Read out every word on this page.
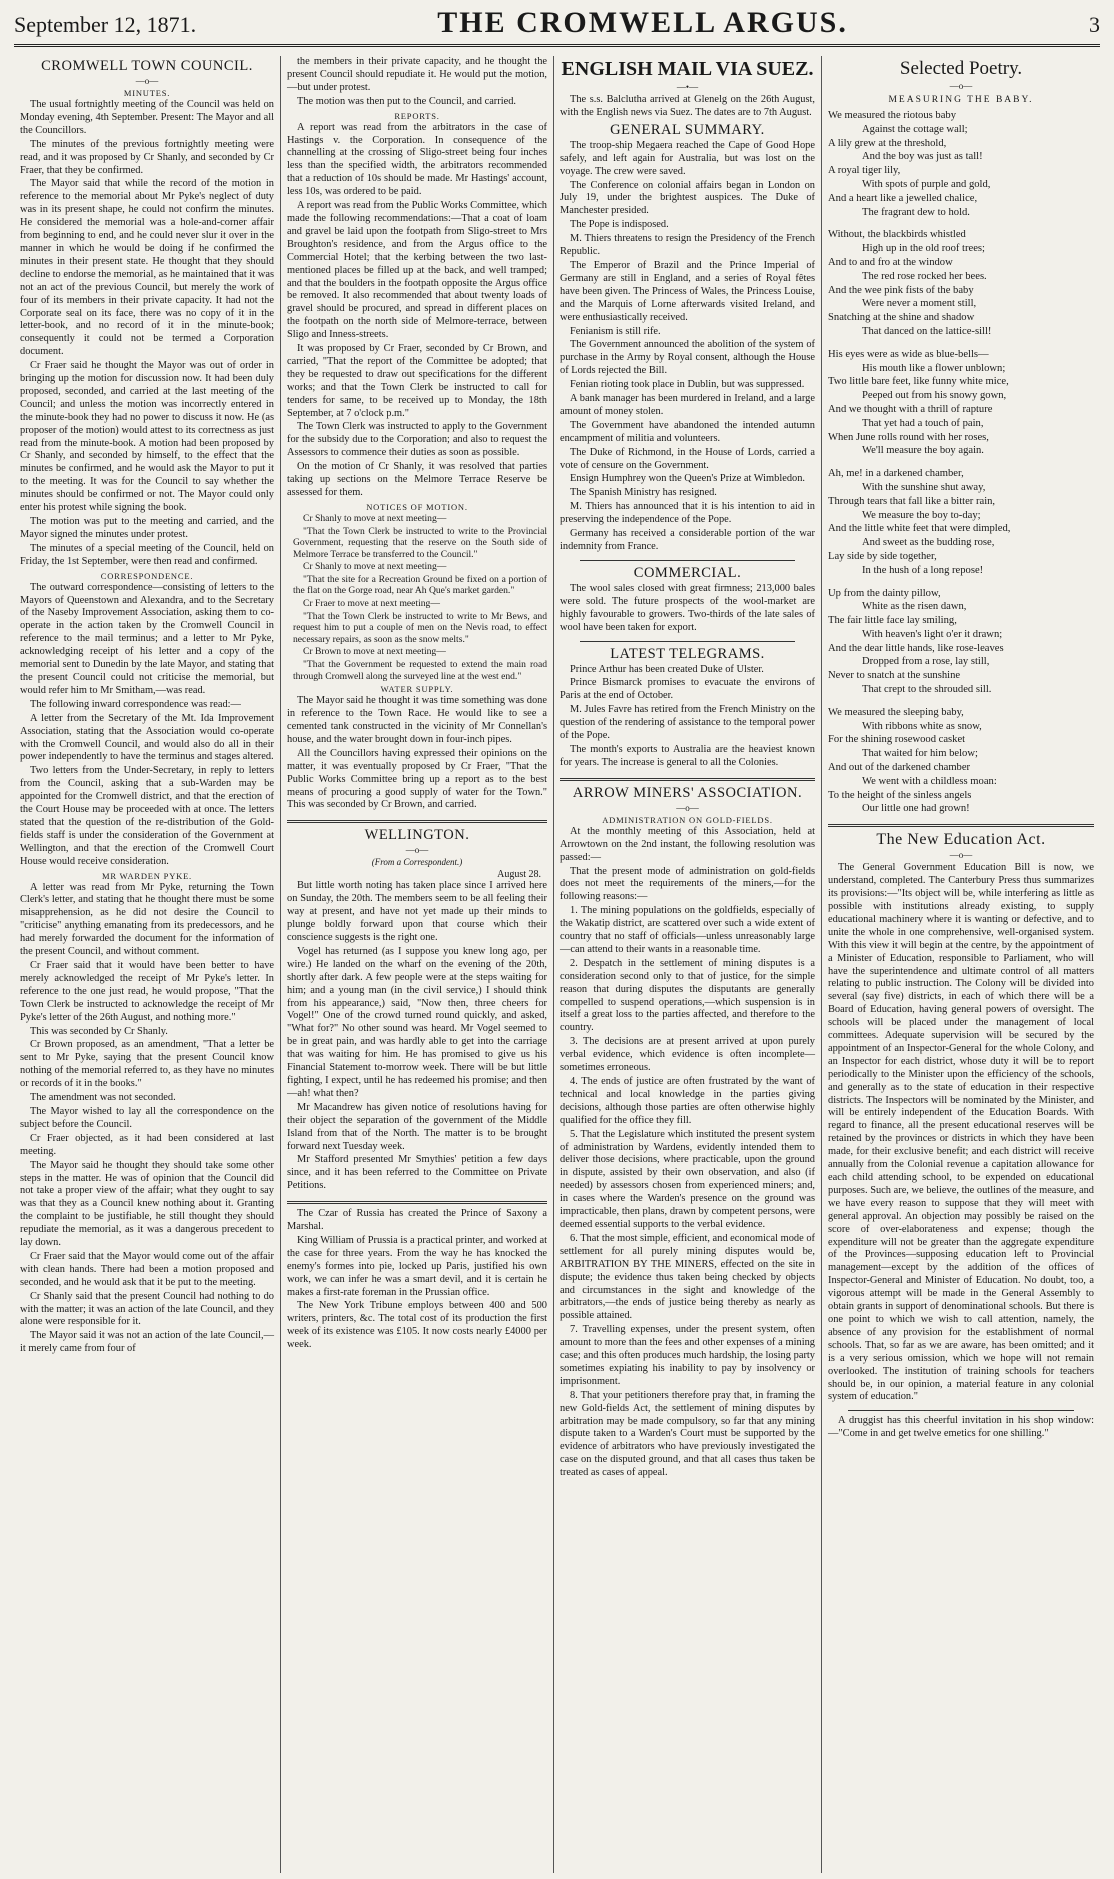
September 12, 1871.	THE CROMWELL ARGUS.	3
CROMWELL TOWN COUNCIL.
—o—
MINUTES.

The usual fortnightly meeting of the Council was held on Monday evening, 4th September. Present: The Mayor and all the Councillors.

The minutes of the previous fortnightly meeting were read, and it was proposed by Cr Shanly, and seconded by Cr Fraer, that they be confirmed.

The Mayor said that while the record of the motion in reference to the memorial about Mr Pyke's neglect of duty was in its present shape, he could not confirm the minutes. He considered the memorial was a hole-and-corner affair from beginning to end, and he could never slur it over in the manner in which he would be doing if he confirmed the minutes in their present state. He thought that they should decline to endorse the memorial, as he maintained that it was not an act of the previous Council, but merely the work of four of its members in their private capacity. It had not the Corporate seal on its face, there was no copy of it in the letter-book, and no record of it in the minute-book; consequently it could not be termed a Corporation document.

Cr Fraer said he thought the Mayor was out of order in bringing up the motion for discussion now. It had been duly proposed, seconded, and carried at the last meeting of the Council; and unless the motion was incorrectly entered in the minute-book they had no power to discuss it now. He (as proposer of the motion) would attest to its correctness as just read from the minute-book. A motion had been proposed by Cr Shanly, and seconded by himself, to the effect that the minutes be confirmed, and he would ask the Mayor to put it to the meeting. It was for the Council to say whether the minutes should be confirmed or not. The Mayor could only enter his protest while signing the book.

The motion was put to the meeting and carried, and the Mayor signed the minutes under protest.

The minutes of a special meeting of the Council, held on Friday, the 1st September, were then read and confirmed.

CORRESPONDENCE.

The outward correspondence—consisting of letters to the Mayors of Queenstown and Alexandra, and to the Secretary of the Naseby Improvement Association, asking them to co-operate in the action taken by the Cromwell Council in reference to the mail terminus; and a letter to Mr Pyke, acknowledging receipt of his letter and a copy of the memorial sent to Dunedin by the late Mayor, and stating that the present Council could not criticise the memorial, but would refer him to Mr Smitham,—was read.

The following inward correspondence was read:—

A letter from the Secretary of the Mt. Ida Improvement Association, stating that the Association would co-operate with the Cromwell Council, and would also do all in their power independently to have the terminus and stages altered.

Two letters from the Under-Secretary, in reply to letters from the Council, asking that a sub-Warden may be appointed for the Cromwell district, and that the erection of the Court House may be proceeded with at once. The letters stated that the question of the re-distribution of the Gold-fields staff is under the consideration of the Government at Wellington, and that the erection of the Cromwell Court House would receive consideration.

MR WARDEN PYKE.

A letter was read from Mr Pyke, returning the Town Clerk's letter, and stating that he thought there must be some misapprehension, as he did not desire the Council to "criticise" anything emanating from its predecessors, and he had merely forwarded the document for the information of the present Council, and without comment.

Cr Fraer said that it would have been better to have merely acknowledged the receipt of Mr Pyke's letter. In reference to the one just read, he would propose, "That the Town Clerk be instructed to acknowledge the receipt of Mr Pyke's letter of the 26th August, and nothing more."

This was seconded by Cr Shanly.

Cr Brown proposed, as an amendment, "That a letter be sent to Mr Pyke, saying that the present Council know nothing of the memorial referred to, as they have no minutes or records of it in the books."

The amendment was not seconded.

The Mayor wished to lay all the correspondence on the subject before the Council.

Cr Fraer objected, as it had been considered at last meeting.

The Mayor said he thought they should take some other steps in the matter. He was of opinion that the Council did not take a proper view of the affair; what they ought to say was that they as a Council knew nothing about it. Granting the complaint to be justifiable, he still thought they should repudiate the memorial, as it was a dangerous precedent to lay down.

Cr Fraer said that the Mayor would come out of the affair with clean hands. There had been a motion proposed and seconded, and he would ask that it be put to the meeting.

Cr Shanly said that the present Council had nothing to do with the matter; it was an action of the late Council, and they alone were responsible for it.

The Mayor said it was not an action of the late Council,—it merely came from four of

the members in their private capacity, and he thought the present Council should repudiate it. He would put the motion,—but under protest.

The motion was then put to the Council, and carried.

REPORTS.

A report was read from the arbitrators in the case of Hastings v. the Corporation. In consequence of the channelling at the crossing of Sligo-street being four inches less than the specified width, the arbitrators recommended that a reduction of 10s should be made. Mr Hastings' account, less 10s, was ordered to be paid.

A report was read from the Public Works Committee, which made the following recommendations:—That a coat of loam and gravel be laid upon the footpath from Sligo-street to Mrs Broughton's residence, and from the Argus office to the Commercial Hotel; that the kerbing between the two last-mentioned places be filled up at the back, and well tramped; and that the boulders in the footpath opposite the Argus office be removed. It also recommended that about twenty loads of gravel should be procured, and spread in different places on the footpath on the north side of Melmore-terrace, between Sligo and Inness-streets.

It was proposed by Cr Fraer, seconded by Cr Brown, and carried, "That the report of the Committee be adopted; that they be requested to draw out specifications for the different works; and that the Town Clerk be instructed to call for tenders for same, to be received up to Monday, the 18th September, at 7 o'clock p.m."

The Town Clerk was instructed to apply to the Government for the subsidy due to the Corporation; and also to request the Assessors to commence their duties as soon as possible.

On the motion of Cr Shanly, it was resolved that parties taking up sections on the Melmore Terrace Reserve be assessed for them.

NOTICES OF MOTION.

Cr Shanly to move at next meeting—

"That the Town Clerk be instructed to write to the Provincial Government, requesting that the reserve on the South side of Melmore Terrace be transferred to the Council."

Cr Shanly to move at next meeting—

"That the site for a Recreation Ground be fixed on a portion of the flat on the Gorge road, near Ah Que's market garden."

Cr Fraer to move at next meeting—

"That the Town Clerk be instructed to write to Mr Bews, and request him to put a couple of men on the Nevis road, to effect necessary repairs, as soon as the snow melts."

Cr Brown to move at next meeting—

"That the Government be requested to extend the main road through Cromwell along the surveyed line at the west end."

WATER SUPPLY.

The Mayor said he thought it was time something was done in reference to the Town Race. He would like to see a cemented tank constructed in the vicinity of Mr Connellan's house, and the water brought down in four-inch pipes.

All the Councillors having expressed their opinions on the matter, it was eventually proposed by Cr Fraer, "That the Public Works Committee bring up a report as to the best means of procuring a good supply of water for the Town." This was seconded by Cr Brown, and carried.

WELLINGTON.
—o—
(From a Correspondent.)
August 28.

But little worth noting has taken place since I arrived here on Sunday, the 20th. The members seem to be all feeling their way at present, and have not yet made up their minds to plunge boldly forward upon that course which their conscience suggests is the right one.

Vogel has returned (as I suppose you knew long ago, per wire.) He landed on the wharf on the evening of the 20th, shortly after dark. A few people were at the steps waiting for him; and a young man (in the civil service,) I should think from his appearance,) said, "Now then, three cheers for Vogel!" One of the crowd turned round quickly, and asked, "What for?" No other sound was heard. Mr Vogel seemed to be in great pain, and was hardly able to get into the carriage that was waiting for him. He has promised to give us his Financial Statement to-morrow week. There will be but little fighting, I expect, until he has redeemed his promise; and then—ah! what then?

Mr Macandrew has given notice of resolutions having for their object the separation of the government of the Middle Island from that of the North. The matter is to be brought forward next Tuesday week.

Mr Stafford presented Mr Smythies' petition a few days since, and it has been referred to the Committee on Private Petitions.

The Czar of Russia has created the Prince of Saxony a Marshal.

King William of Prussia is a practical printer, and worked at the case for three years. From the way he has knocked the enemy's formes into pie, locked up Paris, justified his own work, we can infer he was a smart devil, and it is certain he makes a first-rate foreman in the Prussian office.

The New York Tribune employs between 400 and 500 writers, printers, &c. The total cost of its production the first week of its existence was £105. It now costs nearly £4000 per week.

ENGLISH MAIL VIA SUEZ.
—•—

The s.s. Balclutha arrived at Glenelg on the 26th August, with the English news via Suez. The dates are to 7th August.

GENERAL SUMMARY.

The troop-ship Megaera reached the Cape of Good Hope safely, and left again for Australia, but was lost on the voyage. The crew were saved.

The Conference on colonial affairs began in London on July 19, under the brightest auspices. The Duke of Manchester presided.

The Pope is indisposed.

M. Thiers threatens to resign the Presidency of the French Republic.

The Emperor of Brazil and the Prince Imperial of Germany are still in England, and a series of Royal fêtes have been given. The Princess of Wales, the Princess Louise, and the Marquis of Lorne afterwards visited Ireland, and were enthusiastically received.

Fenianism is still rife.

The Government announced the abolition of the system of purchase in the Army by Royal consent, although the House of Lords rejected the Bill.

Fenian rioting took place in Dublin, but was suppressed.

A bank manager has been murdered in Ireland, and a large amount of money stolen.

The Government have abandoned the intended autumn encampment of militia and volunteers.

The Duke of Richmond, in the House of Lords, carried a vote of censure on the Government.

Ensign Humphrey won the Queen's Prize at Wimbledon.

The Spanish Ministry has resigned.

M. Thiers has announced that it is his intention to aid in preserving the independence of the Pope.

Germany has received a considerable portion of the war indemnity from France.

COMMERCIAL.

The wool sales closed with great firmness; 213,000 bales were sold. The future prospects of the wool-market are highly favourable to growers. Two-thirds of the late sales of wool have been taken for export.

LATEST TELEGRAMS.

Prince Arthur has been created Duke of Ulster.

Prince Bismarck promises to evacuate the environs of Paris at the end of October.

M. Jules Favre has retired from the French Ministry on the question of the rendering of assistance to the temporal power of the Pope.

The month's exports to Australia are the heaviest known for years. The increase is general to all the Colonies.

ARROW MINERS' ASSOCIATION.
—o—
ADMINISTRATION ON GOLD-FIELDS.

At the monthly meeting of this Association, held at Arrowtown on the 2nd instant, the following resolution was passed:—

That the present mode of administration on gold-fields does not meet the requirements of the miners,—for the following reasons:—

1. The mining populations on the goldfields, especially of the Wakatip district, are scattered over such a wide extent of country that no staff of officials—unless unreasonably large—can attend to their wants in a reasonable time.

2. Despatch in the settlement of mining disputes is a consideration second only to that of justice, for the simple reason that during disputes the disputants are generally compelled to suspend operations,—which suspension is in itself a great loss to the parties affected, and therefore to the country.

3. The decisions are at present arrived at upon purely verbal evidence, which evidence is often incomplete—sometimes erroneous.

4. The ends of justice are often frustrated by the want of technical and local knowledge in the parties giving decisions, although those parties are often otherwise highly qualified for the office they fill.

5. That the Legislature which instituted the present system of administration by Wardens, evidently intended them to deliver those decisions, where practicable, upon the ground in dispute, assisted by their own observation, and also (if needed) by assessors chosen from experienced miners; and, in cases where the Warden's presence on the ground was impracticable, then plans, drawn by competent persons, were deemed essential supports to the verbal evidence.

6. That the most simple, efficient, and economical mode of settlement for all purely mining disputes would be, ARBITRATION BY THE MINERS, effected on the site in dispute; the evidence thus taken being checked by objects and circumstances in the sight and knowledge of the arbitrators,—the ends of justice being thereby as nearly as possible attained.

7. Travelling expenses, under the present system, often amount to more than the fees and other expenses of a mining case; and this often produces much hardship, the losing party sometimes expiating his inability to pay by insolvency or imprisonment.

8. That your petitioners therefore pray that, in framing the new Gold-fields Act, the settlement of mining disputes by arbitration may be made compulsory, so far that any mining dispute taken to a Warden's Court must be supported by the evidence of arbitrators who have previously investigated the case on the disputed ground, and that all cases thus taken be treated as cases of appeal.

Selected Poetry.
—o—
MEASURING THE BABY.
We measured the riotous baby
Against the cottage wall;
A lily grew at the threshold,
And the boy was just as tall!
A royal tiger lily,
With spots of purple and gold,
And a heart like a jewelled chalice,
The fragrant dew to hold.
Without, the blackbirds whistled
High up in the old roof trees;
And to and fro at the window
The red rose rocked her bees.
And the wee pink fists of the baby
Were never a moment still,
Snatching at the shine and shadow
That danced on the lattice-sill!
His eyes were as wide as blue-bells—
His mouth like a flower unblown;
Two little bare feet, like funny white mice,
Peeped out from his snowy gown,
And we thought with a thrill of rapture
That yet had a touch of pain,
When June rolls round with her roses,
We'll measure the boy again.
Ah, me! in a darkened chamber,
With the sunshine shut away,
Through tears that fall like a bitter rain,
We measure the boy to-day;
And the little white feet that were dimpled,
And sweet as the budding rose,
Lay side by side together,
In the hush of a long repose!
Up from the dainty pillow,
White as the risen dawn,
The fair little face lay smiling,
With heaven's light o'er it drawn;
And the dear little hands, like rose-leaves
Dropped from a rose, lay still,
Never to snatch at the sunshine
That crept to the shrouded sill.
We measured the sleeping baby,
With ribbons white as snow,
For the shining rosewood casket
That waited for him below;
And out of the darkened chamber
We went with a childless moan:
To the height of the sinless angels
Our little one had grown!
The New Education Act.
—o—

The General Government Education Bill is now, we understand, completed. The Canterbury Press thus summarizes its provisions:—"Its object will be, while interfering as little as possible with institutions already existing, to supply educational machinery where it is wanting or defective, and to unite the whole in one comprehensive, well-organised system. With this view it will begin at the centre, by the appointment of a Minister of Education, responsible to Parliament, who will have the superintendence and ultimate control of all matters relating to public instruction. The Colony will be divided into several (say five) districts, in each of which there will be a Board of Education, having general powers of oversight. The schools will be placed under the management of local committees. Adequate supervision will be secured by the appointment of an Inspector-General for the whole Colony, and an Inspector for each district, whose duty it will be to report periodically to the Minister upon the efficiency of the schools, and generally as to the state of education in their respective districts. The Inspectors will be nominated by the Minister, and will be entirely independent of the Education Boards. With regard to finance, all the present educational reserves will be retained by the provinces or districts in which they have been made, for their exclusive benefit; and each district will receive annually from the Colonial revenue a capitation allowance for each child attending school, to be expended on educational purposes. Such are, we believe, the outlines of the measure, and we have every reason to suppose that they will meet with general approval. An objection may possibly be raised on the score of over-elaborateness and expense; though the expenditure will not be greater than the aggregate expenditure of the Provinces—supposing education left to Provincial management—except by the addition of the offices of Inspector-General and Minister of Education. No doubt, too, a vigorous attempt will be made in the General Assembly to obtain grants in support of denominational schools. But there is one point to which we wish to call attention, namely, the absence of any provision for the establishment of normal schools. That, so far as we are aware, has been omitted; and it is a very serious omission, which we hope will not remain overlooked. The institution of training schools for teachers should be, in our opinion, a material feature in any colonial system of education."

A druggist has this cheerful invitation in his shop window:—"Come in and get twelve emetics for one shilling."
